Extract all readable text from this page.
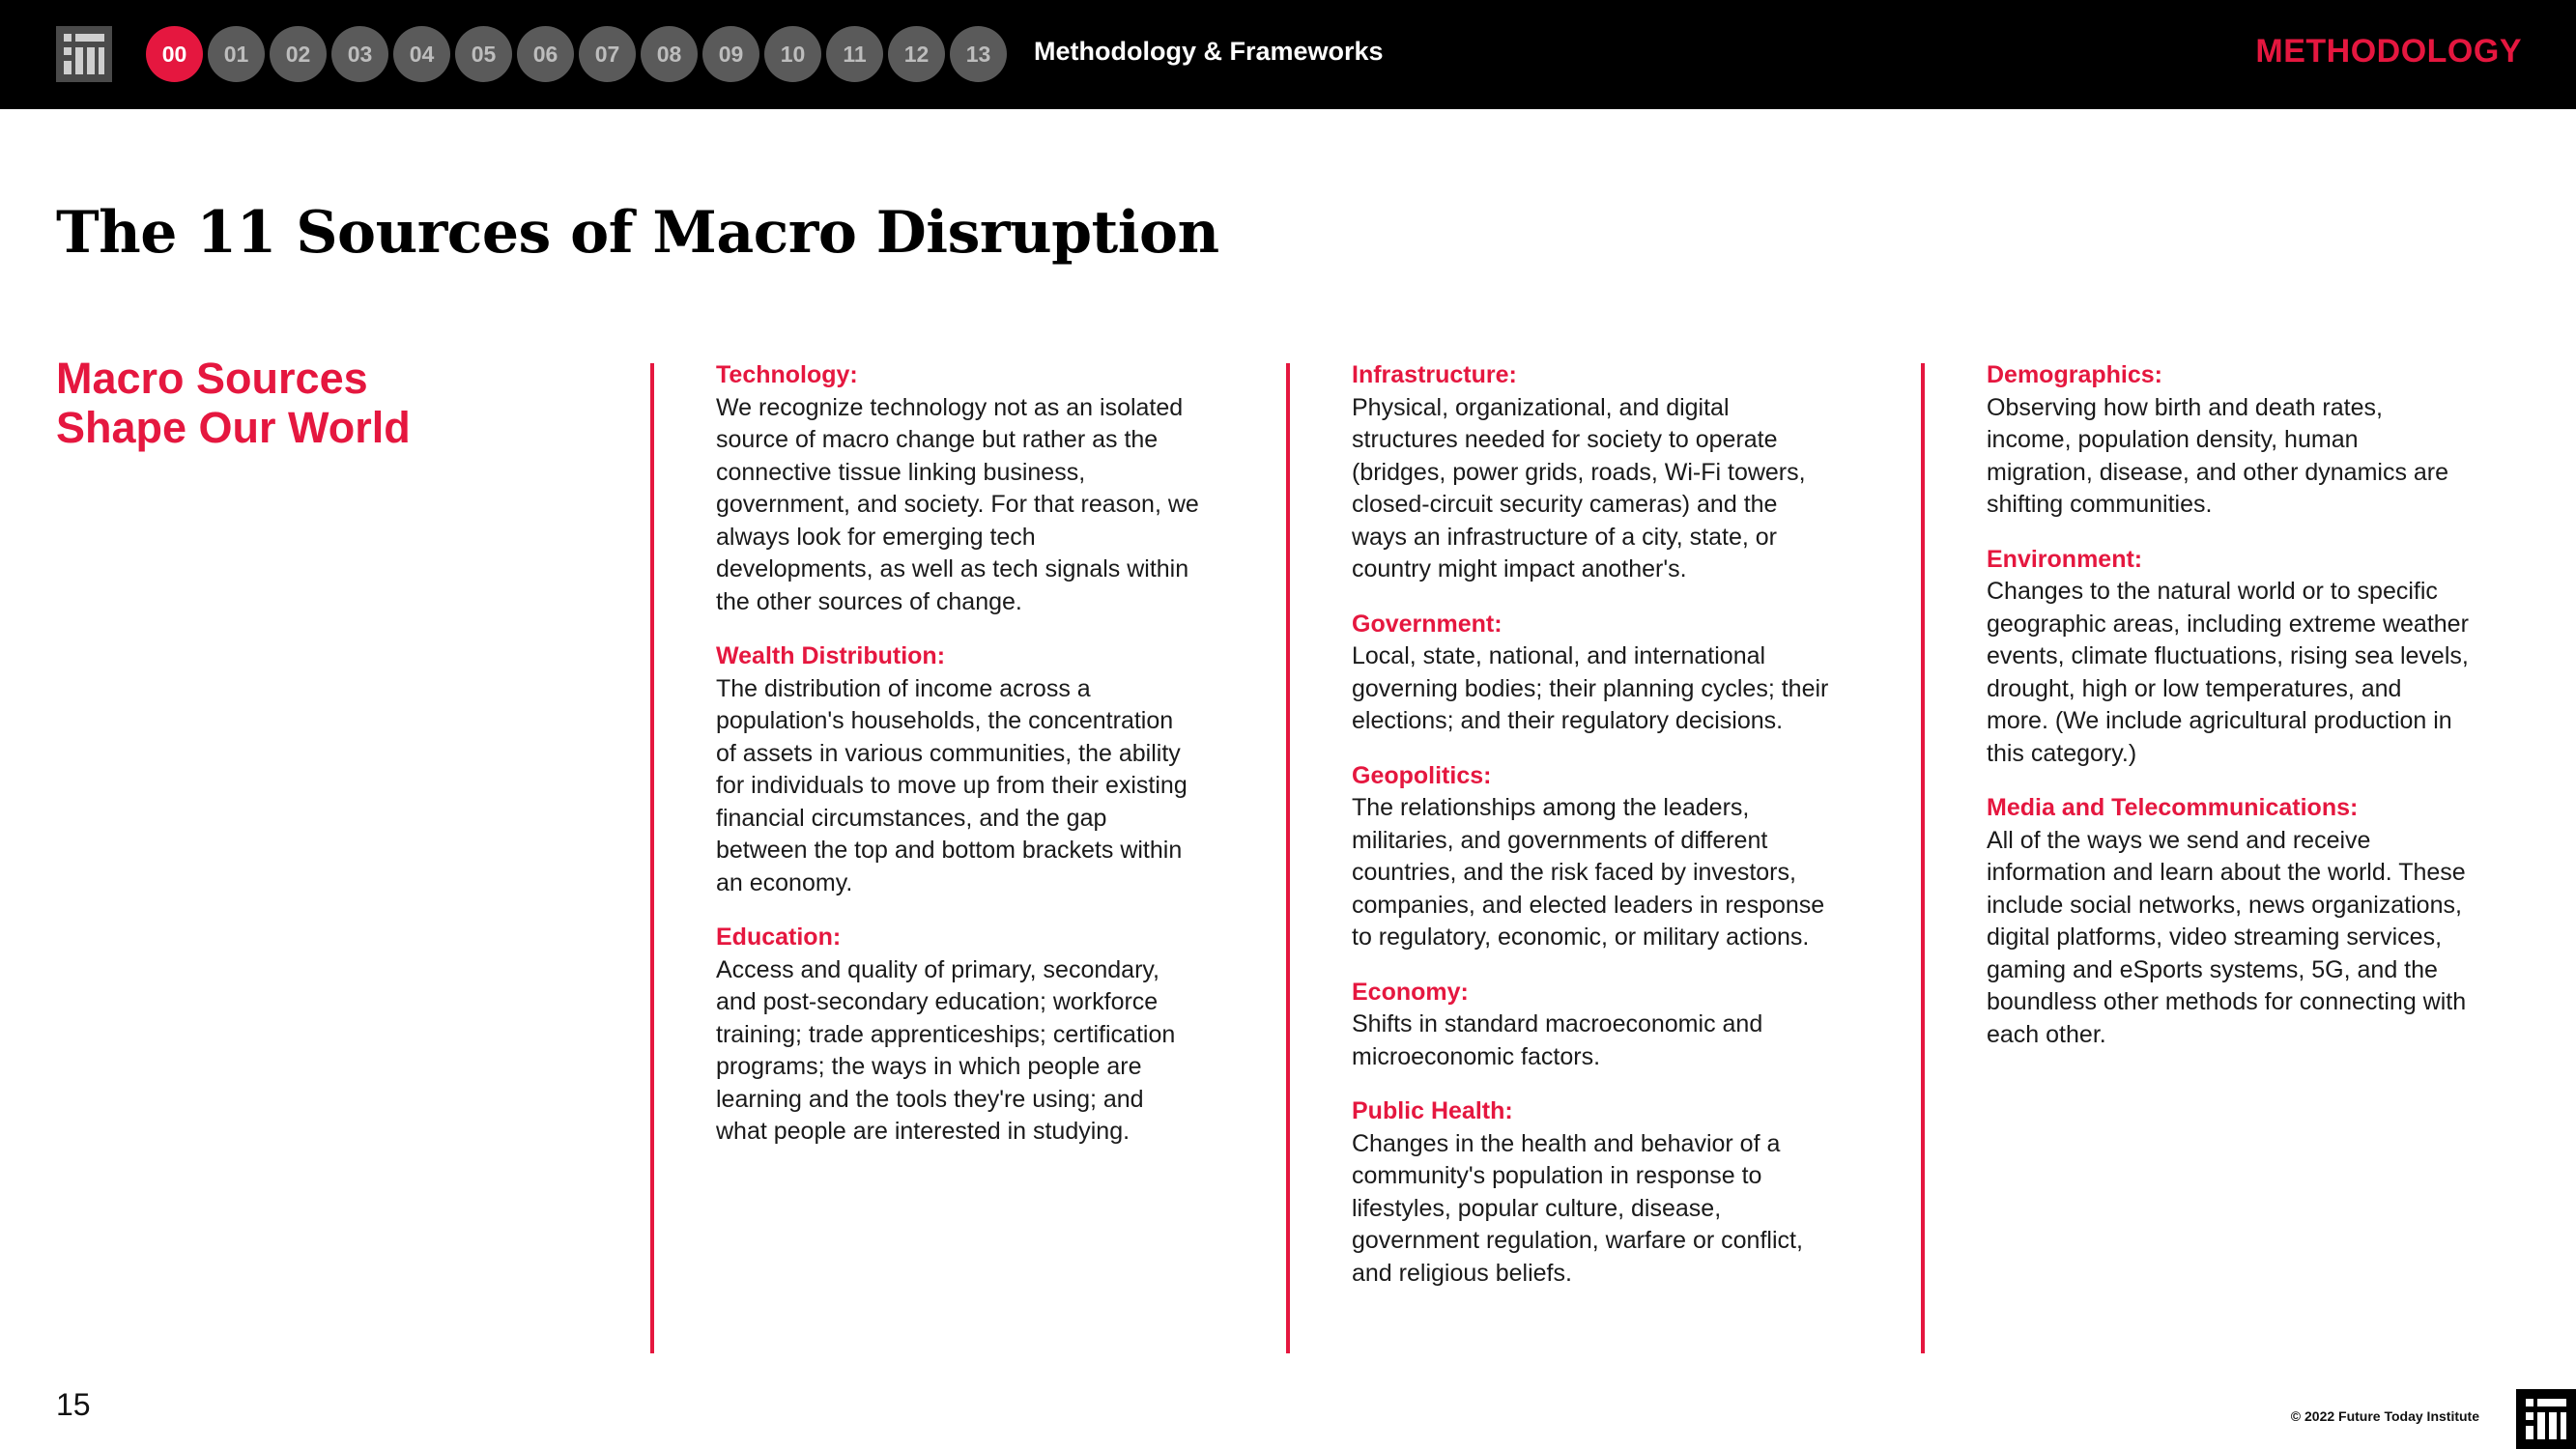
00	01	02	03	04	05	06	07	08	09	10	11	12	13	Methodology & Frameworks	METHODOLOGY
The 11 Sources of Macro Disruption
Macro Sources
Shape Our World
Technology:
We recognize technology not as an isolated source of macro change but rather as the connective tissue linking business, government, and society. For that reason, we always look for emerging tech developments, as well as tech signals within the other sources of change.
Wealth Distribution:
The distribution of income across a population's households, the concentration of assets in various communities, the ability for individuals to move up from their existing financial circumstances, and the gap between the top and bottom brackets within an economy.
Education:
Access and quality of primary, secondary, and post-secondary education; workforce training; trade apprenticeships; certification programs; the ways in which people are learning and the tools they're using; and what people are interested in studying.
Infrastructure:
Physical, organizational, and digital structures needed for society to operate (bridges, power grids, roads, Wi-Fi towers, closed-circuit security cameras) and the ways an infrastructure of a city, state, or country might impact another's.
Government:
Local, state, national, and international governing bodies; their planning cycles; their elections; and their regulatory decisions.
Geopolitics:
The relationships among the leaders, militaries, and governments of different countries, and the risk faced by investors, companies, and elected leaders in response to regulatory, economic, or military actions.
Economy:
Shifts in standard macroeconomic and microeconomic factors.
Public Health:
Changes in the health and behavior of a community's population in response to lifestyles, popular culture, disease, government regulation, warfare or conflict, and religious beliefs.
Demographics:
Observing how birth and death rates, income, population density, human migration, disease, and other dynamics are shifting communities.
Environment:
Changes to the natural world or to specific geographic areas, including extreme weather events, climate fluctuations, rising sea levels, drought, high or low temperatures, and more. (We include agricultural production in this category.)
Media and Telecommunications:
All of the ways we send and receive information and learn about the world. These include social networks, news organizations, digital platforms, video streaming services, gaming and eSports systems, 5G, and the boundless other methods for connecting with each other.
15	© 2022 Future Today Institute
